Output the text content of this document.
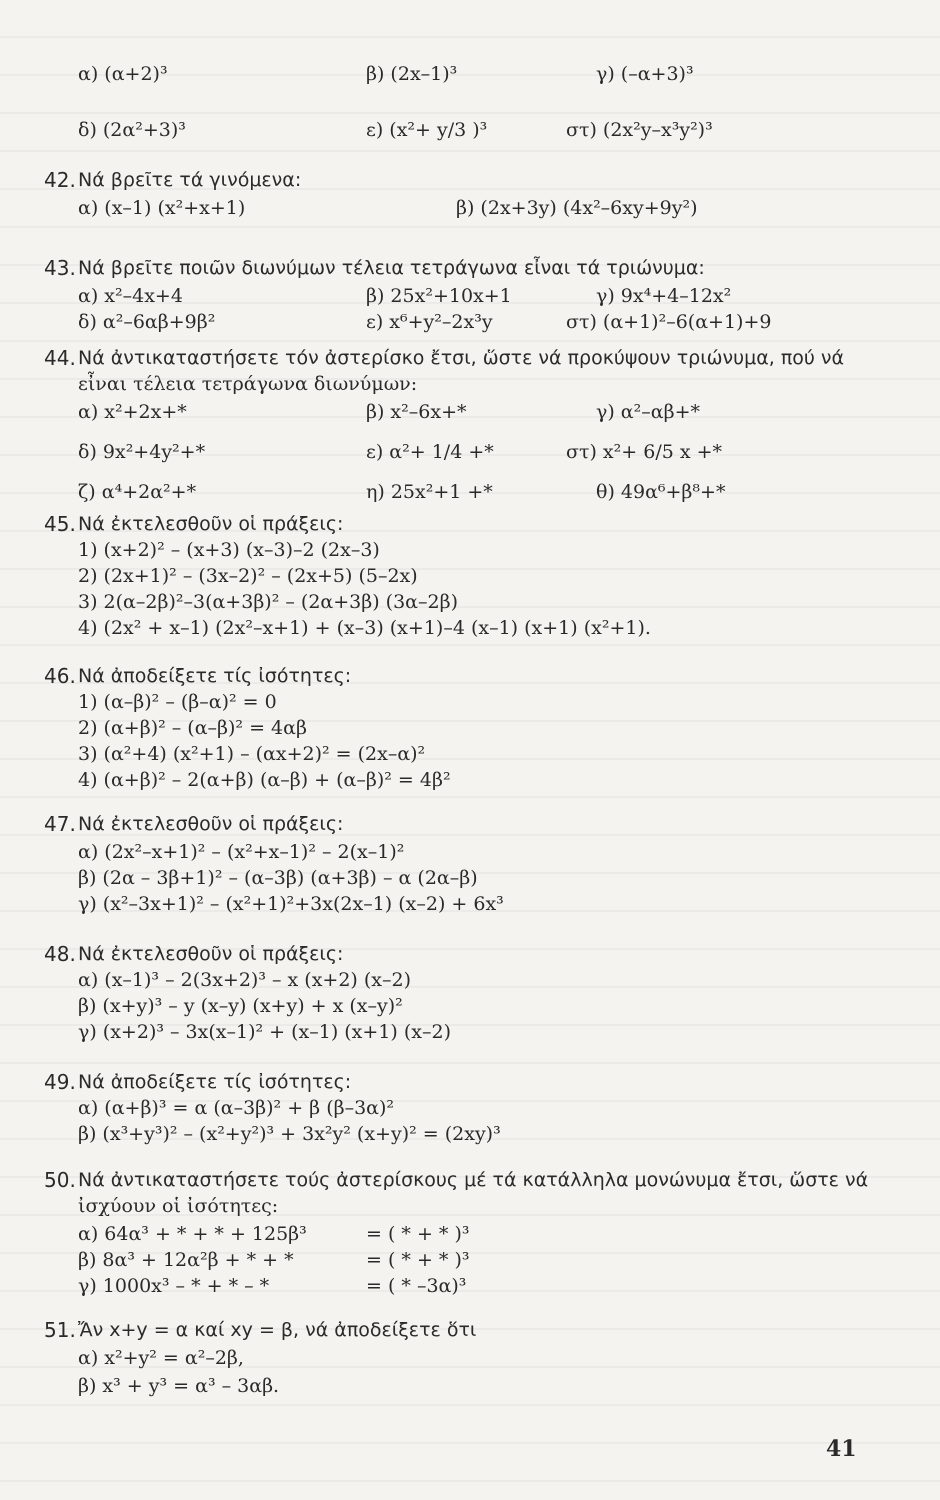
41
α) (α+2)³	β) (2x–1)³	γ) (–α+3)³
δ) (2α²+3)³	ε) (x²+ y/3 )³	στ) (2x²y–x³y²)³
42. Νά βρεῖτε τά γινόμενα:
α) (x–1) (x²+x+1)	β) (2x+3y) (4x²–6xy+9y²)
43. Νά βρεῖτε ποιῶν διωνύμων τέλεια τετράγωνα εἶναι τά τριώνυμα:
α) x²–4x+4	β) 25x²+10x+1	γ) 9x⁴+4–12x²
δ) α²–6αβ+9β²	ε) x⁶+y²–2x³y	στ) (α+1)²–6(α+1)+9
44. Νά ἀντικαταστήσετε τόν ἀστερίσκο ἔτσι, ὥστε νά προκύψουν τριώνυμα, πού νά
εἶναι τέλεια τετράγωνα διωνύμων:
α) x²+2x+*	β) x²–6x+*	γ) α²–αβ+*
δ) 9x²+4y²+*	ε) α²+ 1/4 +*	στ) x²+ 6/5 x +*
ζ) α⁴+2α²+*	η) 25x²+1 +*	θ) 49α⁶+β⁸+*
45. Νά ἐκτελεσθοῦν οἱ πράξεις:
1) (x+2)² – (x+3) (x–3)–2 (2x–3)
2) (2x+1)² – (3x–2)² – (2x+5) (5–2x)
3) 2(α–2β)²–3(α+3β)² – (2α+3β) (3α–2β)
4) (2x² + x–1) (2x²–x+1) + (x–3) (x+1)–4 (x–1) (x+1) (x²+1).
46. Νά ἀποδείξετε τίς ἰσότητες:
1) (α–β)² – (β–α)² = 0
2) (α+β)² – (α–β)² = 4αβ
3) (α²+4) (x²+1) – (αx+2)² = (2x–α)²
4) (α+β)² – 2(α+β) (α–β) + (α–β)² = 4β²
47. Νά ἐκτελεσθοῦν οἱ πράξεις:
α) (2x²–x+1)² – (x²+x–1)² – 2(x–1)²
β) (2α – 3β+1)² – (α–3β) (α+3β) – α (2α–β)
γ) (x²–3x+1)² – (x²+1)²+3x(2x–1) (x–2) + 6x³
48. Νά ἐκτελεσθοῦν οἱ πράξεις:
α) (x–1)³ – 2(3x+2)³ – x (x+2) (x–2)
β) (x+y)³ – y (x–y) (x+y) + x (x–y)²
γ) (x+2)³ – 3x(x–1)² + (x–1) (x+1) (x–2)
49. Νά ἀποδείξετε τίς ἰσότητες:
α) (α+β)³ = α (α–3β)² + β (β–3α)²
β) (x³+y³)² – (x²+y²)³ + 3x²y² (x+y)² = (2xy)³
50. Νά ἀντικαταστήσετε τούς ἀστερίσκους μέ τά κατάλληλα μονώνυμα ἔτσι, ὥστε νά
ἰσχύουν οἱ ἰσότητες:
α) 64α³ + * + * + 125β³	= ( * + * )³
β) 8α³ + 12α²β + * + *	= ( * + * )³
γ) 1000x³ – * + * – *	= ( * –3α)³
51. Ἄν x+y = α καί xy = β, νά ἀποδείξετε ὅτι
α) x²+y² = α²–2β,
β) x³ + y³ = α³ – 3αβ.
